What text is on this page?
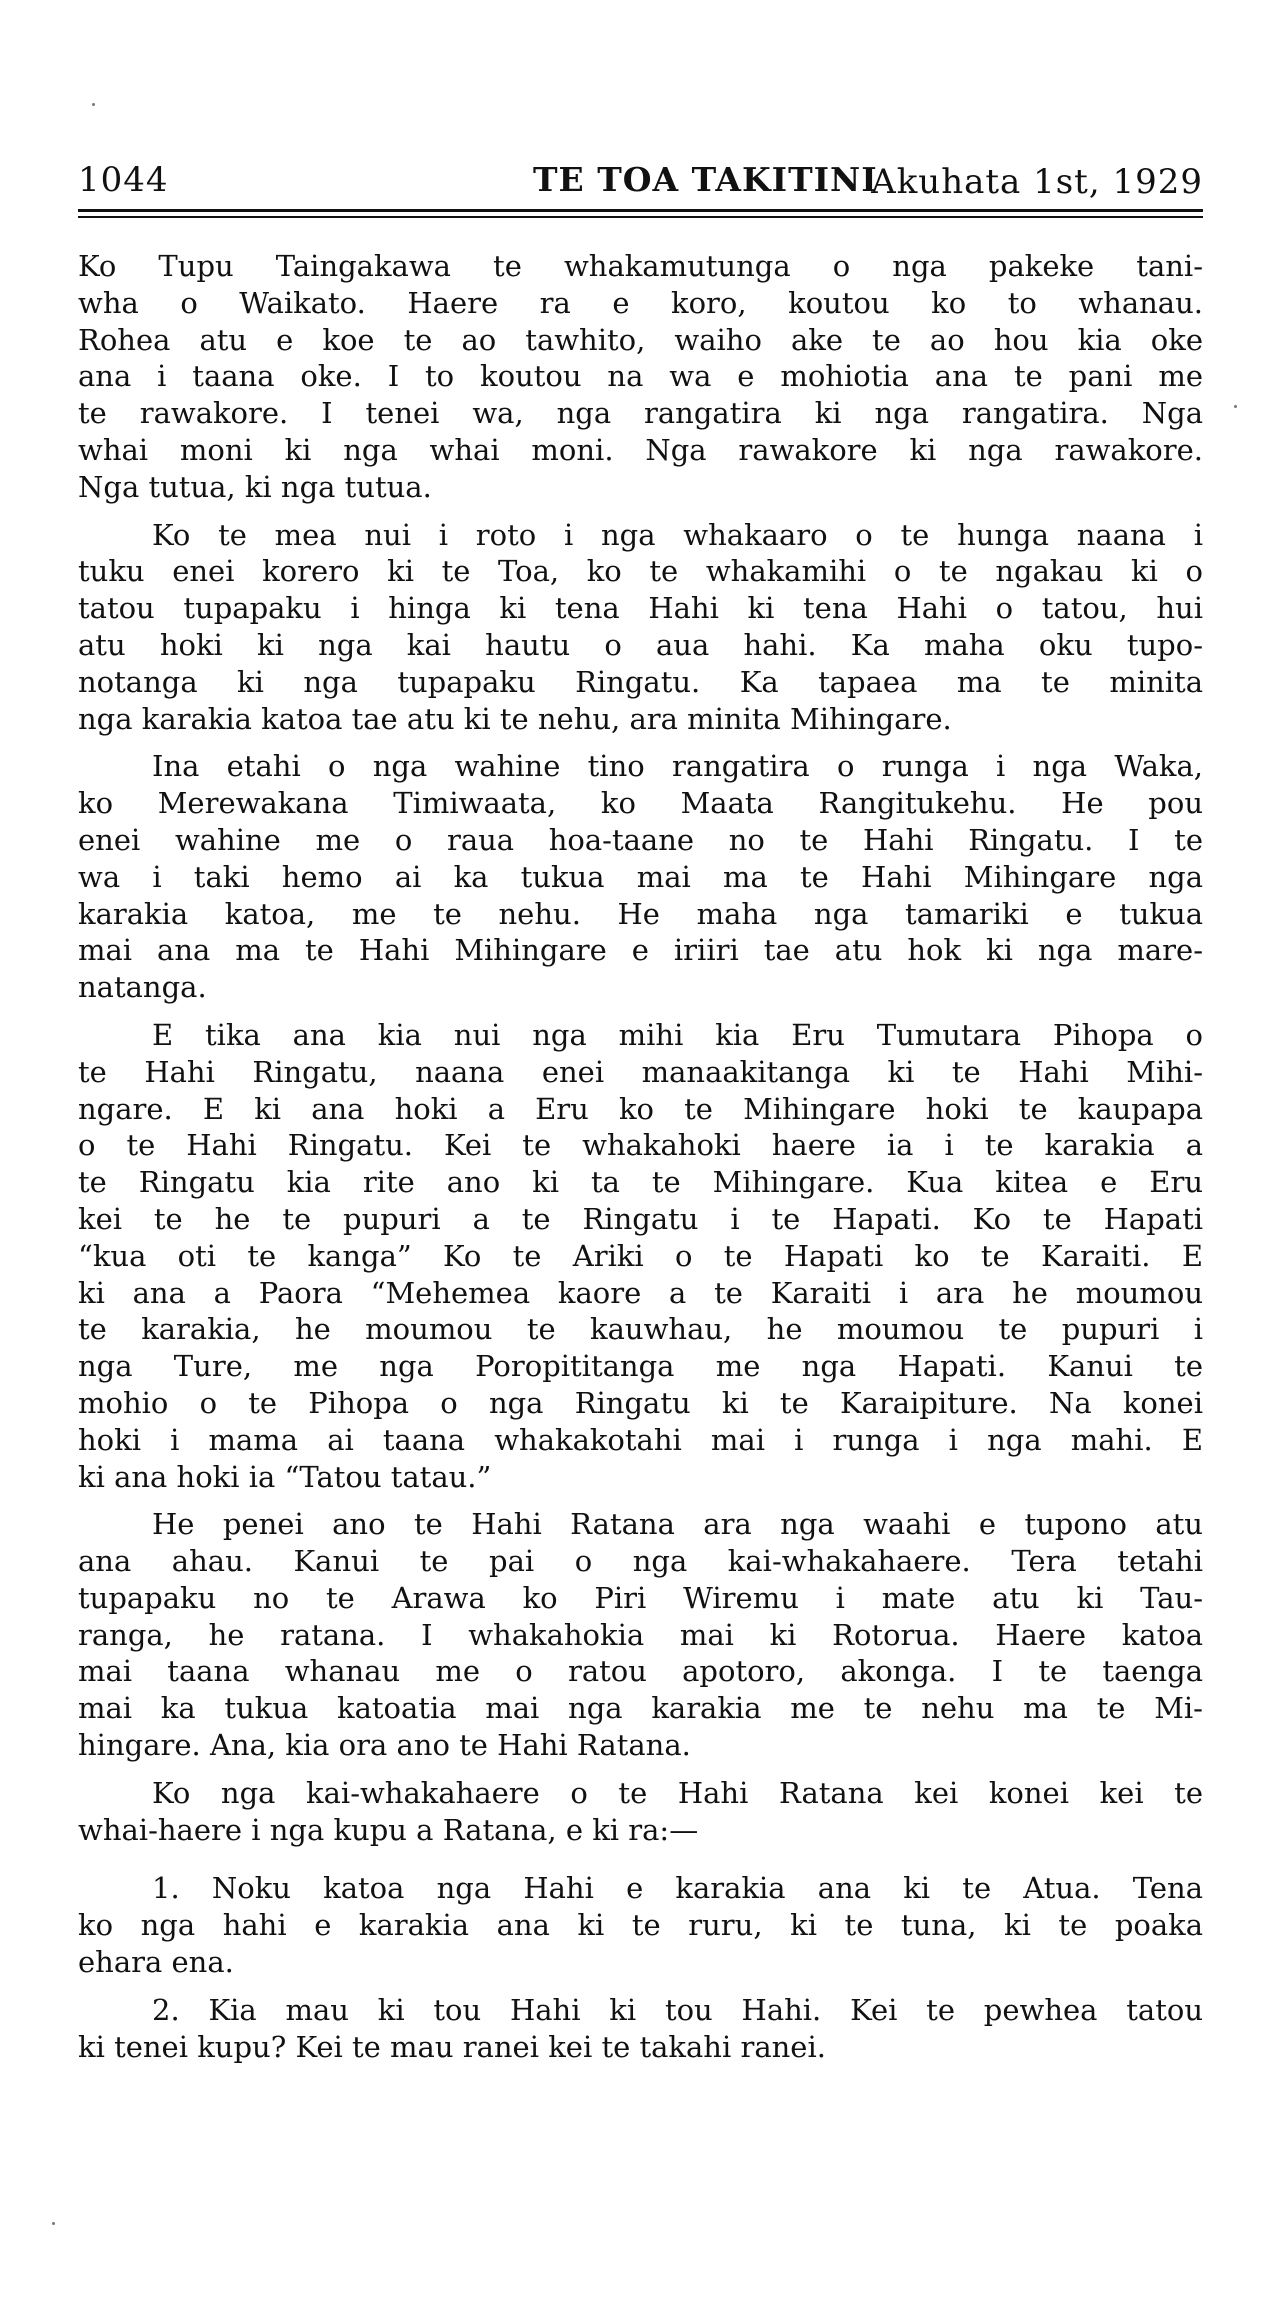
1044	TE TOA TAKITINI
Akuhata 1st, 1929
Ko Tupu Taingakawa te whakamutunga o nga pakeke tani-
wha o Waikato. Haere ra e koro, koutou ko to whanau.
Rohea atu e koe te ao tawhito, waiho ake te ao hou kia oke
ana i taana oke. I to koutou na wa e mohiotia ana te pani me
te rawakore. I tenei wa, nga rangatira ki nga rangatira. Nga
whai moni ki nga whai moni. Nga rawakore ki nga rawakore.
Nga tutua, ki nga tutua.
Ko te mea nui i roto i nga whakaaro o te hunga naana i
tuku enei korero ki te Toa, ko te whakamihi o te ngakau ki o
tatou tupapaku i hinga ki tena Hahi ki tena Hahi o tatou, hui
atu hoki ki nga kai hautu o aua hahi. Ka maha oku tupo-
notanga ki nga tupapaku Ringatu. Ka tapaea ma te minita
nga karakia katoa tae atu ki te nehu, ara minita Mihingare.
Ina etahi o nga wahine tino rangatira o runga i nga Waka,
ko Merewakana Timiwaata, ko Maata Rangitukehu. He pou
enei wahine me o raua hoa-taane no te Hahi Ringatu. I te
wa i taki hemo ai ka tukua mai ma te Hahi Mihingare nga
karakia katoa, me te nehu. He maha nga tamariki e tukua
mai ana ma te Hahi Mihingare e iriiri tae atu hok ki nga mare-
natanga.
E tika ana kia nui nga mihi kia Eru Tumutara Pihopa o
te Hahi Ringatu, naana enei manaakitanga ki te Hahi Mihi-
ngare. E ki ana hoki a Eru ko te Mihingare hoki te kaupapa
o te Hahi Ringatu. Kei te whakahoki haere ia i te karakia a
te Ringatu kia rite ano ki ta te Mihingare. Kua kitea e Eru
kei te he te pupuri a te Ringatu i te Hapati. Ko te Hapati
“kua oti te kanga” Ko te Ariki o te Hapati ko te Karaiti. E
ki ana a Paora “Mehemea kaore a te Karaiti i ara he moumou
te karakia, he moumou te kauwhau, he moumou te pupuri i
nga Ture, me nga Poropititanga me nga Hapati. Kanui te
mohio o te Pihopa o nga Ringatu ki te Karaipiture. Na konei
hoki i mama ai taana whakakotahi mai i runga i nga mahi. E
ki ana hoki ia “Tatou tatau.”
He penei ano te Hahi Ratana ara nga waahi e tupono atu
ana ahau. Kanui te pai o nga kai-whakahaere. Tera tetahi
tupapaku no te Arawa ko Piri Wiremu i mate atu ki Tau-
ranga, he ratana. I whakahokia mai ki Rotorua. Haere katoa
mai taana whanau me o ratou apotoro, akonga. I te taenga
mai ka tukua katoatia mai nga karakia me te nehu ma te Mi-
hingare. Ana, kia ora ano te Hahi Ratana.
Ko nga kai-whakahaere o te Hahi Ratana kei konei kei te
whai-haere i nga kupu a Ratana, e ki ra:—
1. Noku katoa nga Hahi e karakia ana ki te Atua. Tena
ko nga hahi e karakia ana ki te ruru, ki te tuna, ki te poaka
ehara ena.
2. Kia mau ki tou Hahi ki tou Hahi. Kei te pewhea tatou
ki tenei kupu? Kei te mau ranei kei te takahi ranei.
